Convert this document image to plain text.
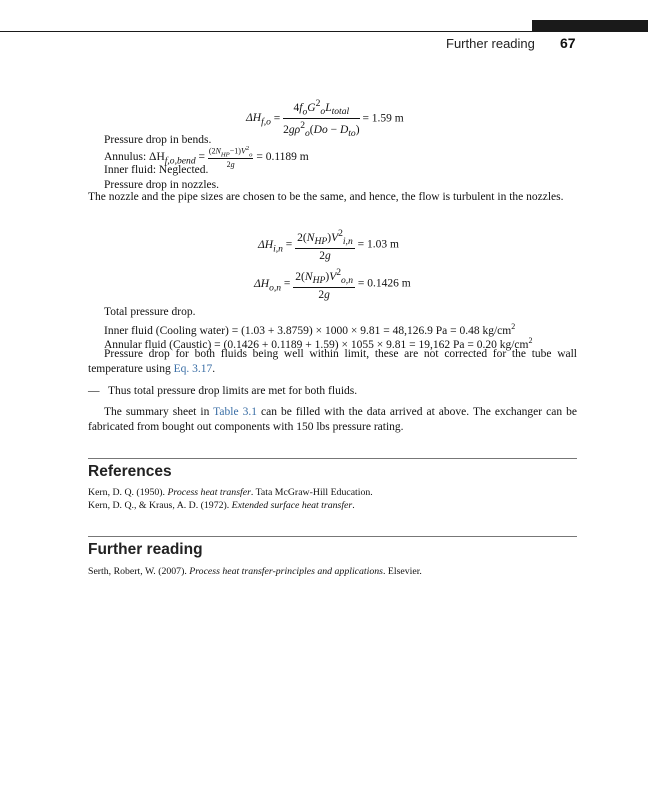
Further reading 67
$\Delta H_{f,o} = \frac{4f_oG^2_oL_{total}}{2g\rho^2_o(Do - D_{to})} = 1.59$ m
Pressure drop in bends.
Annulus: $\Delta H_{f,o,bend} = \frac{(2N_{HP}-1)V^2_o}{2g} = 0.1189$ m
Inner fluid: Neglected.
Pressure drop in nozzles.
The nozzle and the pipe sizes are chosen to be the same, and hence, the flow is turbulent in the nozzles.
$\Delta H_{i,n} = \frac{2(N_{HP})V^2_{i,n}}{2g} = 1.03$ m
$\Delta H_{o,n} = \frac{2(N_{HP})V^2_{o,n}}{2g} = 0.1426$ m
Total pressure drop.
Inner fluid (Cooling water) = (1.03 + 3.8759) × 1000 × 9.81 = 48,126.9 Pa = 0.48 $kg/cm^2$
Annular fluid (Caustic) = (0.1426 + 0.1189 + 1.59) × 1055 × 9.81 = 19,162 Pa = 0.20 $kg/cm^2$
Pressure drop for both fluids being well within limit, these are not corrected for the tube wall temperature using Eq. 3.17.
— Thus total pressure drop limits are met for both fluids.
The summary sheet in Table 3.1 can be filled with the data arrived at above. The exchanger can be fabricated from bought out components with 150 lbs pressure rating.
References
Kern, D. Q. (1950). Process heat transfer. Tata McGraw-Hill Education.
Kern, D. Q., & Kraus, A. D. (1972). Extended surface heat transfer.
Further reading
Serth, Robert, W. (2007). Process heat transfer-principles and applications. Elsevier.
